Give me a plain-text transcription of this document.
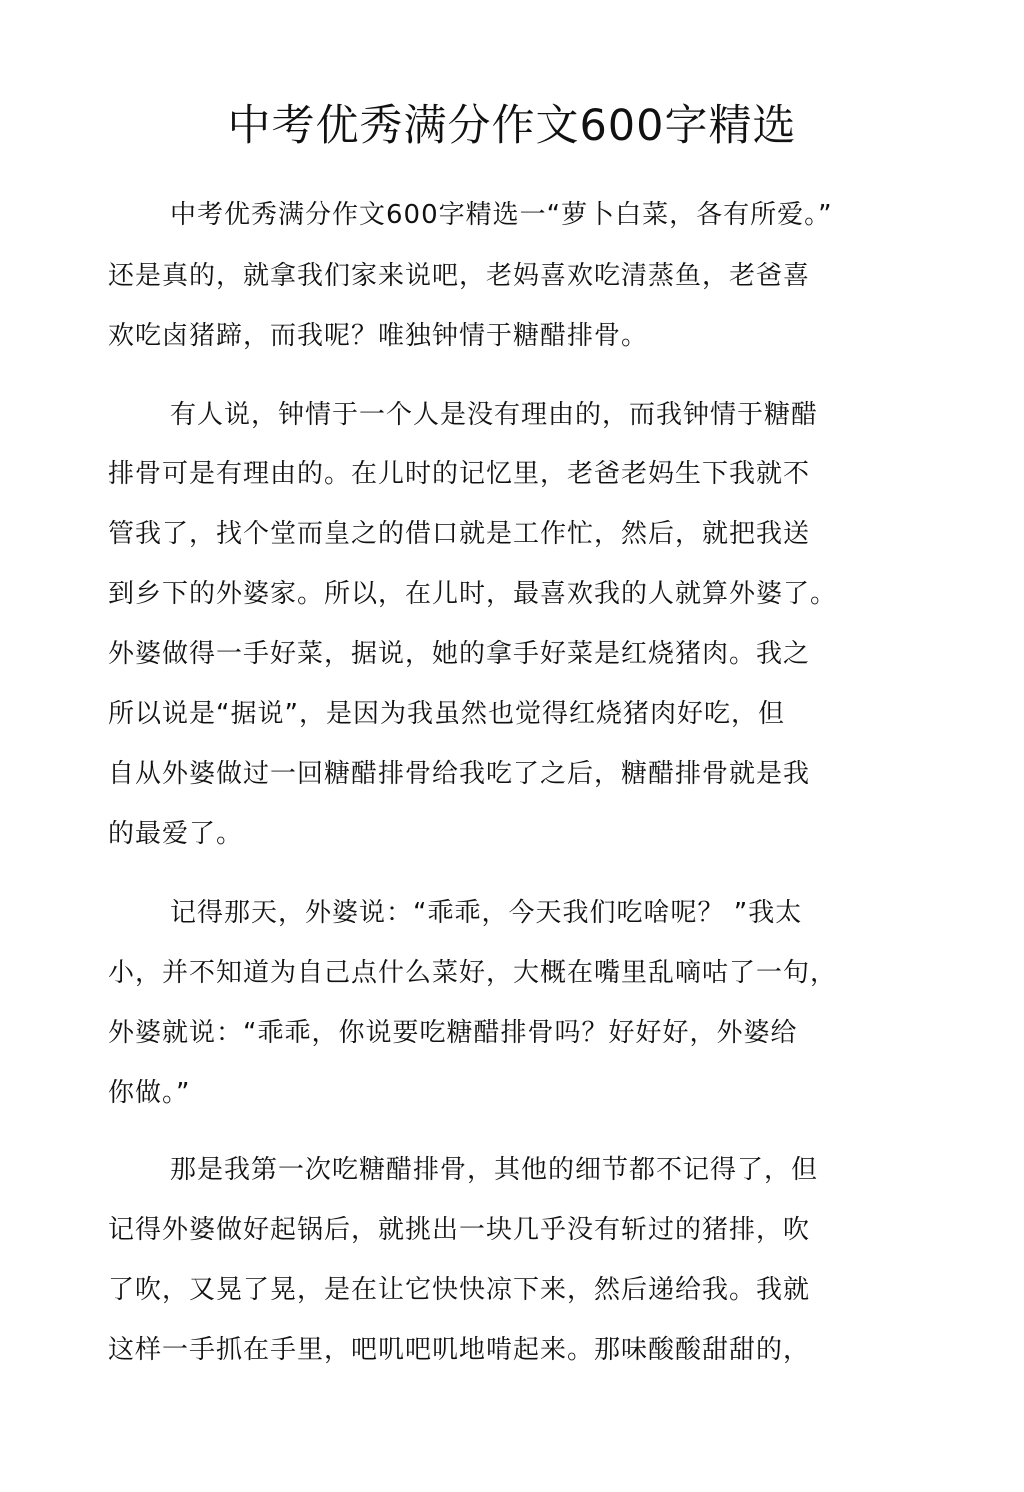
中考优秀满分作文600字精选
中考优秀满分作文600字精选一“萝卜白菜，各有所爱。”
还是真的，就拿我们家来说吧，老妈喜欢吃清蒸鱼，老爸喜
欢吃卤猪蹄，而我呢？唯独钟情于糖醋排骨。
有人说，钟情于一个人是没有理由的，而我钟情于糖醋
排骨可是有理由的。在儿时的记忆里，老爸老妈生下我就不
管我了，找个堂而皇之的借口就是工作忙，然后，就把我送
到乡下的外婆家。所以，在儿时，最喜欢我的人就算外婆了。
外婆做得一手好菜，据说，她的拿手好菜是红烧猪肉。我之
所以说是“据说”，是因为我虽然也觉得红烧猪肉好吃，但
自从外婆做过一回糖醋排骨给我吃了之后，糖醋排骨就是我
的最爱了。
记得那天，外婆说：“乖乖，今天我们吃啥呢？ ”我太
小，并不知道为自己点什么菜好，大概在嘴里乱嘀咕了一句，
外婆就说：“乖乖，你说要吃糖醋排骨吗？好好好，外婆给
你做。”
那是我第一次吃糖醋排骨，其他的细节都不记得了，但
记得外婆做好起锅后，就挑出一块几乎没有斩过的猪排，吹
了吹，又晃了晃，是在让它快快凉下来，然后递给我。我就
这样一手抓在手里，吧叽吧叽地啃起来。那味酸酸甜甜的，
